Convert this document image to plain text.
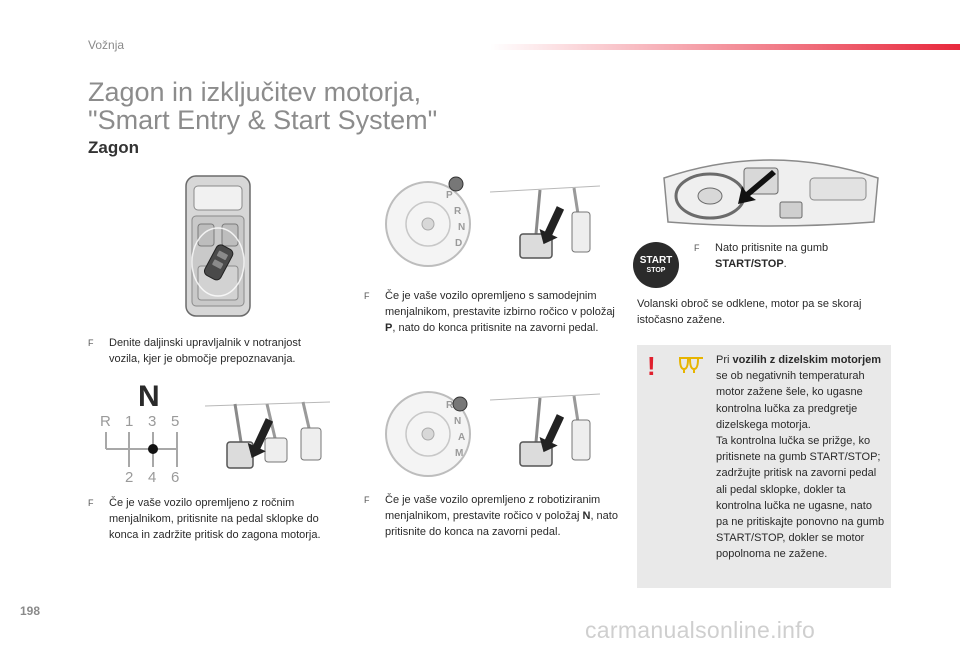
Vožnja
Zagon in izključitev motorja,
"Smart Entry & Start System"
Zagon
F	Denite daljinski upravljalnik v notranjost vozila, kjer je območje prepoznavanja.
N
R 1 3 5
2 4 6
F	Če je vaše vozilo opremljeno z ročnim menjalnikom, pritisnite na pedal sklopke do konca in zadržite pritisk do zagona motorja.
P
R
N
D
F	Če je vaše vozilo opremljeno s samodejnim menjalnikom, prestavite izbirno ročico v položaj P, nato do konca pritisnite na zavorni pedal.
R
N
A
M
F	Če je vaše vozilo opremljeno z robotiziranim menjalnikom, prestavite ročico v položaj N, nato pritisnite do konca na zavorni pedal.
START
STOP
F	Nato pritisnite na gumb START/STOP.
Volanski obroč se odklene, motor pa se skoraj istočasno zažene.
!	Pri vozilih z dizelskim motorjem se ob negativnih temperaturah motor zažene šele, ko ugasne kontrolna lučka za predgretje dizelskega motorja.
Ta kontrolna lučka se prižge, ko pritisnete na gumb START/STOP; zadržujte pritisk na zavorni pedal ali pedal sklopke, dokler ta kontrolna lučka ne ugasne, nato pa ne pritiskajte ponovno na gumb START/STOP, dokler se motor popolnoma ne zažene.
198
carmanualsonline.info
